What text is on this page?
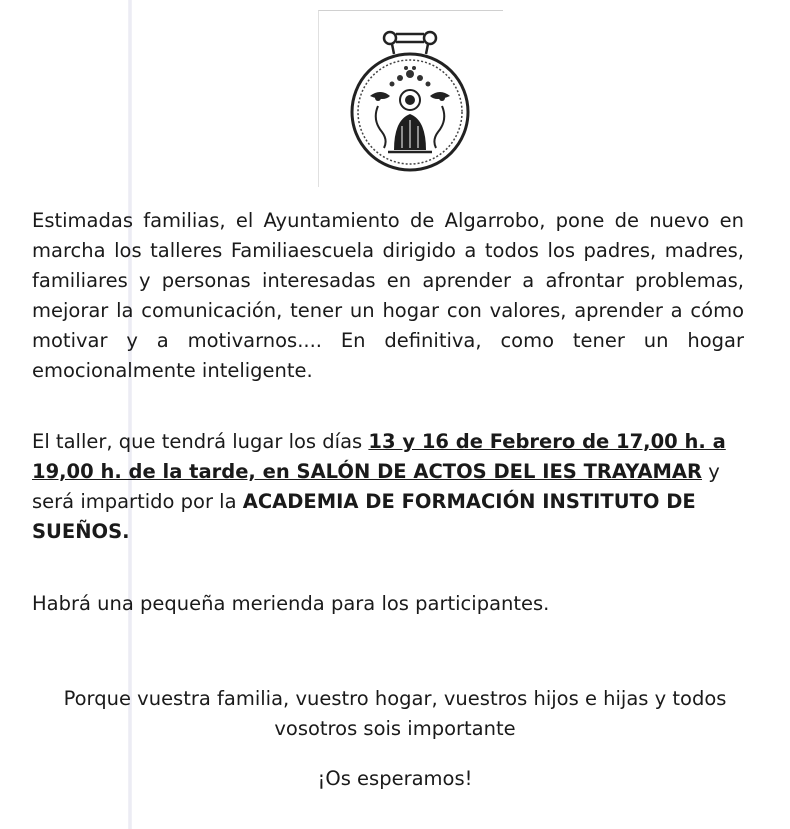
Estimadas familias, el Ayuntamiento de Algarrobo, pone de nuevo en marcha los talleres Familiaescuela dirigido a todos los padres, madres, familiares y personas interesadas en aprender a afrontar problemas, mejorar la comunicación, tener un hogar con valores, aprender a cómo motivar y a motivarnos.... En definitiva, como tener un hogar emocionalmente inteligente.

El taller, que tendrá lugar los días 13 y 16 de Febrero de 17,00 h. a 19,00 h. de la tarde, en SALÓN DE ACTOS DEL IES TRAYAMAR y será impartido por la ACADEMIA DE FORMACIÓN INSTITUTO DE SUEÑOS.

Habrá una pequeña merienda para los participantes.

Porque vuestra familia, vuestro hogar, vuestros hijos e hijas y todos vosotros sois importante

¡Os esperamos!
